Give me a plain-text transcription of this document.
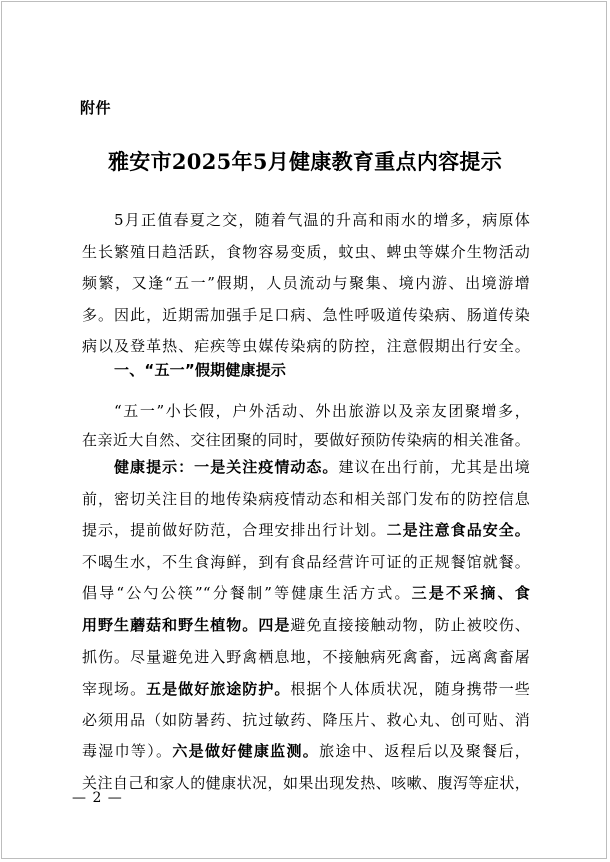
附件
雅安市2025年5月健康教育重点内容提示
5月正值春夏之交，随着气温的升高和雨水的增多，病原体
生长繁殖日趋活跃，食物容易变质，蚊虫、蜱虫等媒介生物活动
频繁，又逢“五一”假期，人员流动与聚集、境内游、出境游增
多。因此，近期需加强手足口病、急性呼吸道传染病、肠道传染
病以及登革热、疟疾等虫媒传染病的防控，注意假期出行安全。
一、“五一”假期健康提示
“五一”小长假，户外活动、外出旅游以及亲友团聚增多，
在亲近大自然、交往团聚的同时，要做好预防传染病的相关准备。
健康提示：一是关注疫情动态。建议在出行前，尤其是出境
前，密切关注目的地传染病疫情动态和相关部门发布的防控信息
提示，提前做好防范，合理安排出行计划。二是注意食品安全。
不喝生水，不生食海鲜，到有食品经营许可证的正规餐馆就餐。
倡导“公勺公筷”“分餐制”等健康生活方式。三是不采摘、食
用野生蘑菇和野生植物。四是避免直接接触动物，防止被咬伤、
抓伤。尽量避免进入野禽栖息地，不接触病死禽畜，远离禽畜屠
宰现场。五是做好旅途防护。根据个人体质状况，随身携带一些
必须用品（如防暑药、抗过敏药、降压片、救心丸、创可贴、消
毒湿巾等）。六是做好健康监测。旅途中、返程后以及聚餐后，
关注自己和家人的健康状况，如果出现发热、咳嗽、腹泻等症状，
— 2 —
